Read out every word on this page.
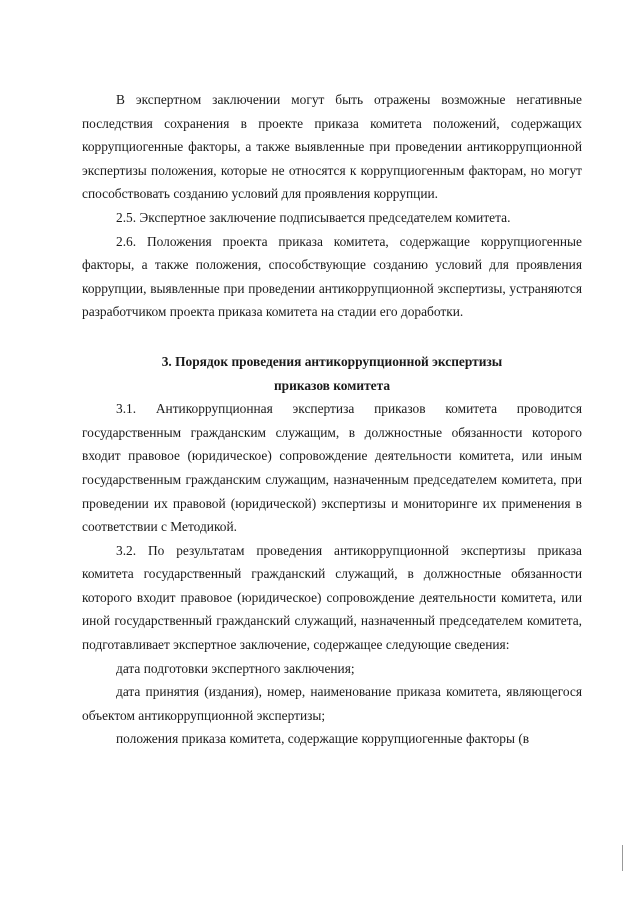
В экспертном заключении могут быть отражены возможные негативные последствия сохранения в проекте приказа комитета положений, содержащих коррупциогенные факторы, а также выявленные при проведении антикоррупционной экспертизы положения, которые не относятся к коррупциогенным факторам, но могут способствовать созданию условий для проявления коррупции.

2.5. Экспертное заключение подписывается председателем комитета.

2.6. Положения проекта приказа комитета, содержащие коррупциогенные факторы, а также положения, способствующие созданию условий для проявления коррупции, выявленные при проведении антикоррупционной экспертизы, устраняются разработчиком проекта приказа комитета на стадии его доработки.

3. Порядок проведения антикоррупционной экспертизы
приказов комитета

3.1. Антикоррупционная экспертиза приказов комитета проводится государственным гражданским служащим, в должностные обязанности которого входит правовое (юридическое) сопровождение деятельности комитета, или иным государственным гражданским служащим, назначенным председателем комитета, при проведении их правовой (юридической) экспертизы и мониторинге их применения в соответствии с Методикой.

3.2. По результатам проведения антикоррупционной экспертизы приказа комитета государственный гражданский служащий, в должностные обязанности которого входит правовое (юридическое) сопровождение деятельности комитета, или иной государственный гражданский служащий, назначенный председателем комитета, подготавливает экспертное заключение, содержащее следующие сведения:

дата подготовки экспертного заключения;

дата принятия (издания), номер, наименование приказа комитета, являющегося объектом антикоррупционной экспертизы;

положения приказа комитета, содержащие коррупциогенные факторы (в
